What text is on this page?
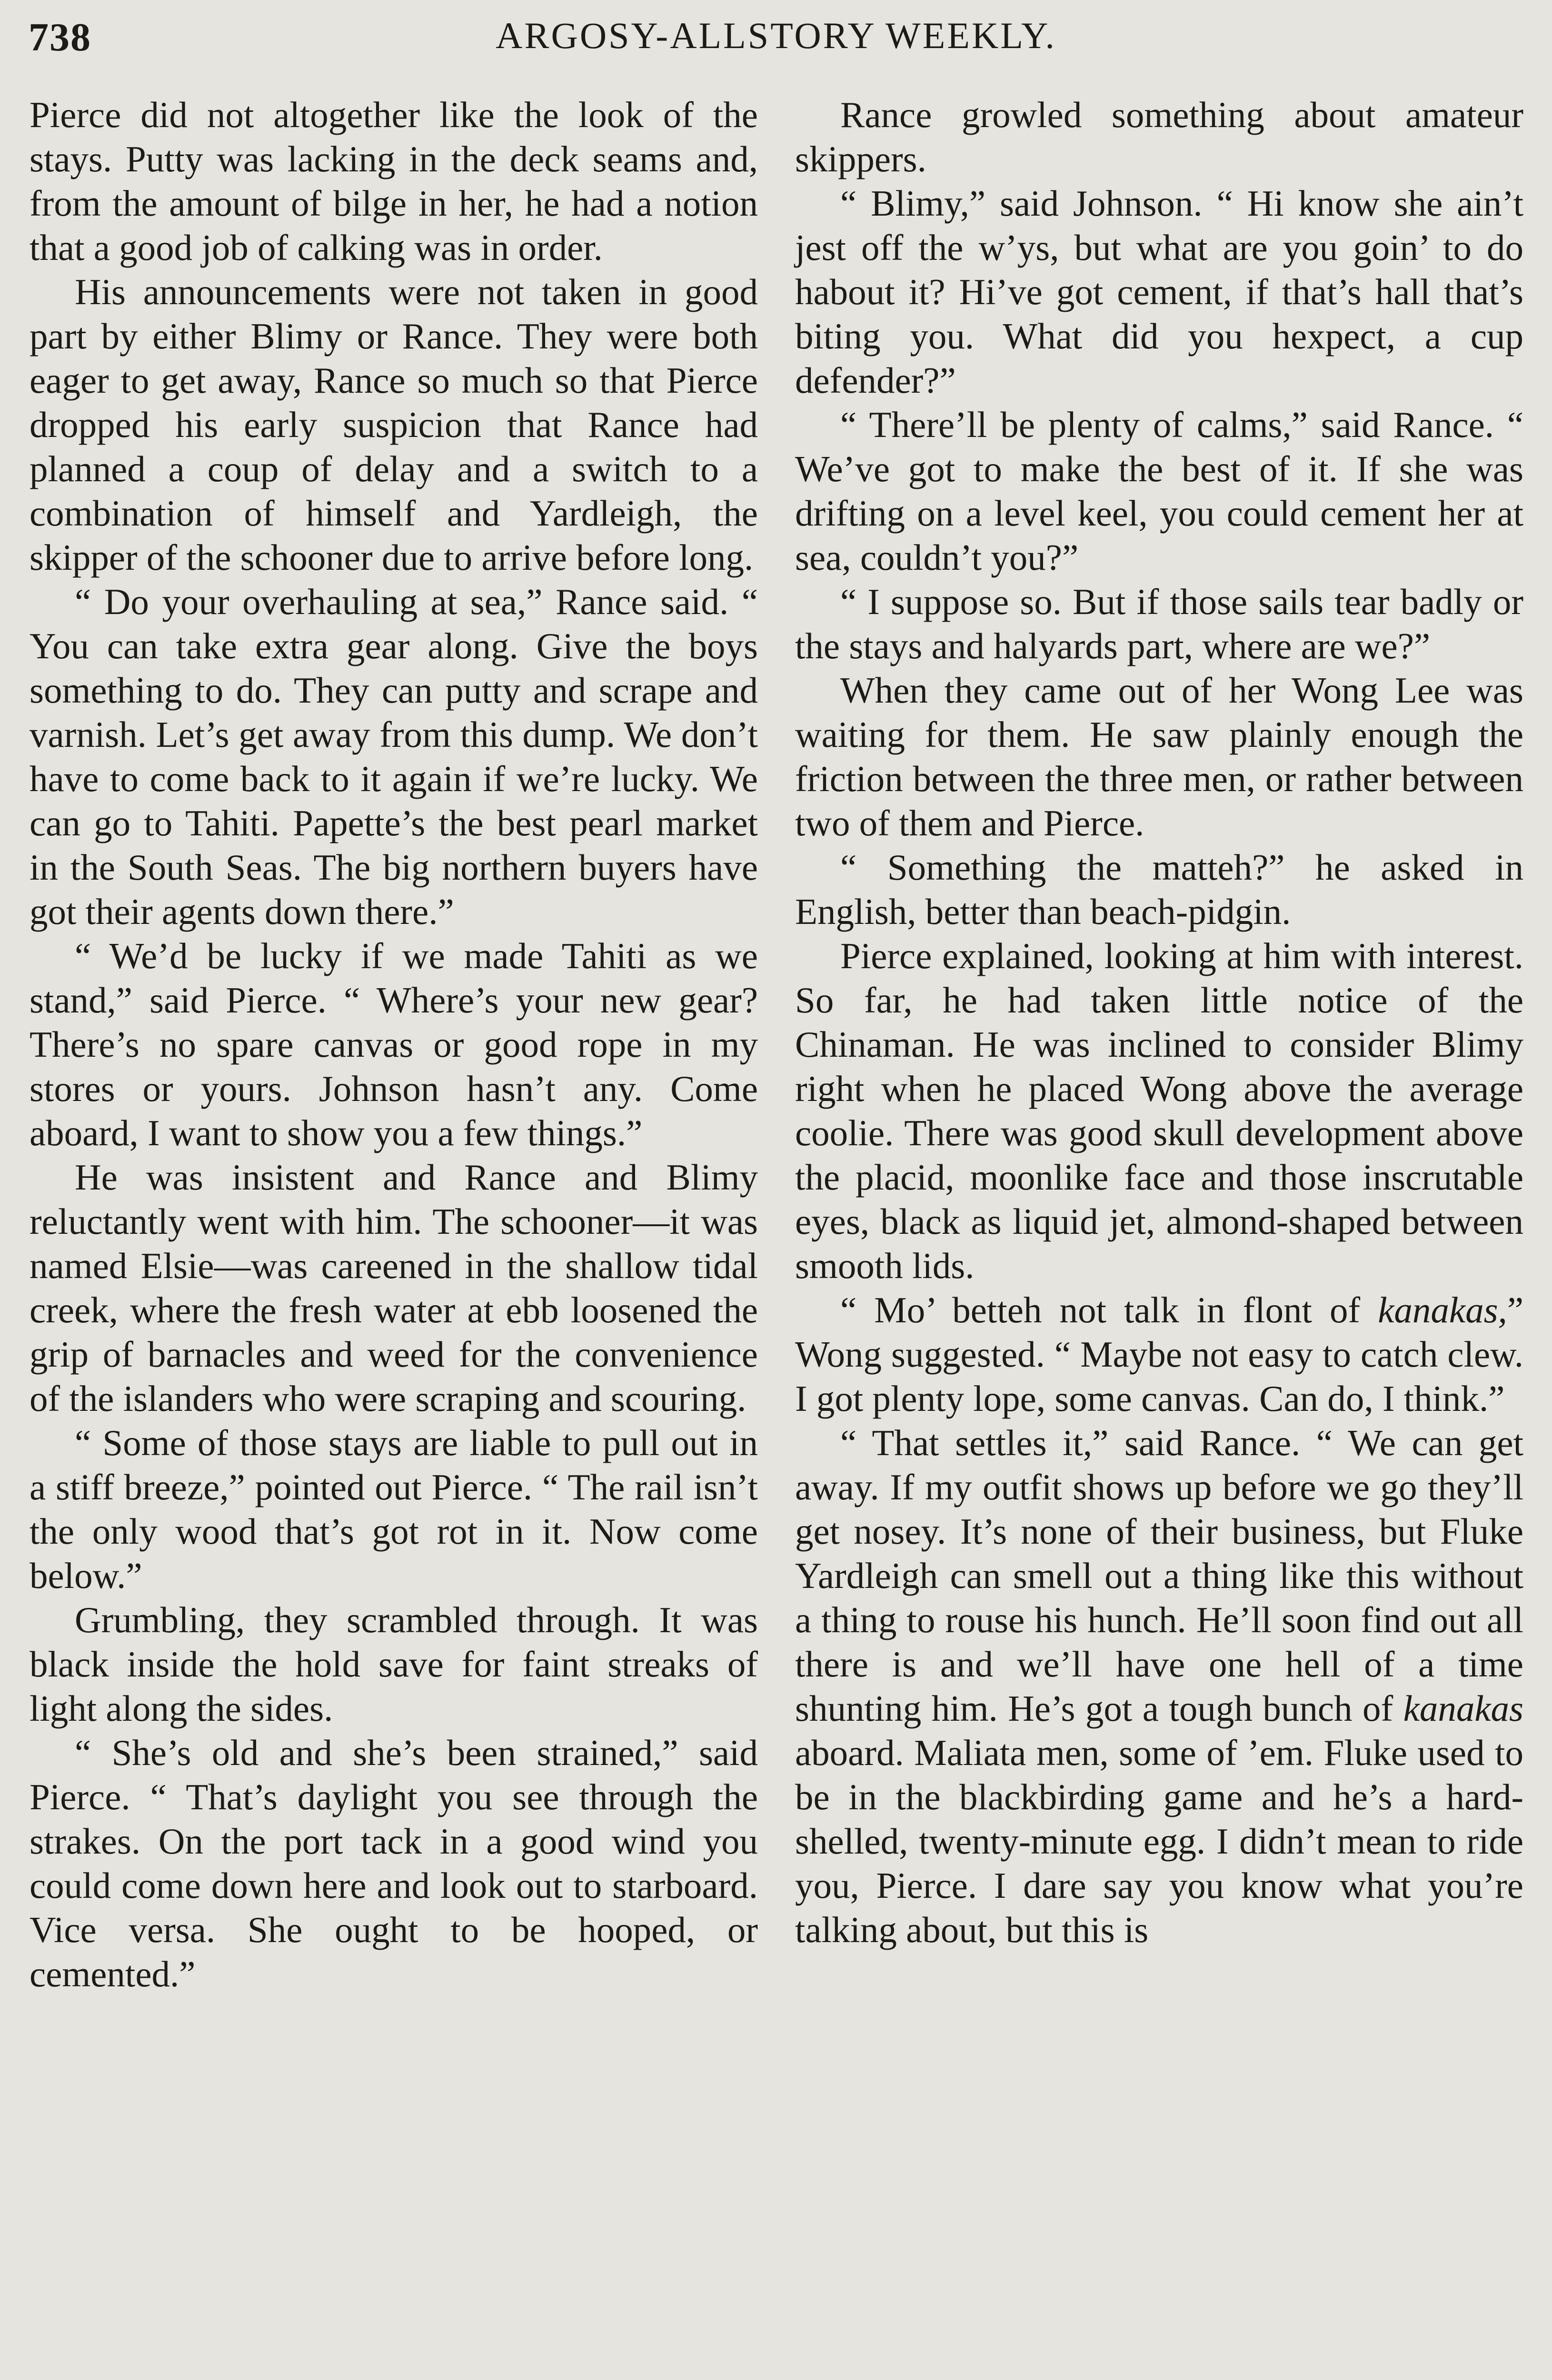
738	ARGOSY-ALLSTORY WEEKLY.

Pierce did not altogether like the look of the stays. Putty was lacking in the deck seams and, from the amount of bilge in her, he had a notion that a good job of calking was in order.

His announcements were not taken in good part by either Blimy or Rance. They were both eager to get away, Rance so much so that Pierce dropped his early suspicion that Rance had planned a coup of delay and a switch to a combination of himself and Yardleigh, the skipper of the schooner due to arrive before long.

“ Do your overhauling at sea,” Rance said. “ You can take extra gear along. Give the boys something to do. They can putty and scrape and varnish. Let’s get away from this dump. We don’t have to come back to it again if we’re lucky. We can go to Tahiti. Papette’s the best pearl market in the South Seas. The big northern buyers have got their agents down there.”

“ We’d be lucky if we made Tahiti as we stand,” said Pierce. “ Where’s your new gear? There’s no spare canvas or good rope in my stores or yours. Johnson hasn’t any. Come aboard, I want to show you a few things.”

He was insistent and Rance and Blimy reluctantly went with him. The schooner—it was named Elsie—was careened in the shallow tidal creek, where the fresh water at ebb loosened the grip of barnacles and weed for the convenience of the islanders who were scraping and scouring.

“ Some of those stays are liable to pull out in a stiff breeze,” pointed out Pierce. “ The rail isn’t the only wood that’s got rot in it. Now come below.”

Grumbling, they scrambled through. It was black inside the hold save for faint streaks of light along the sides.

“ She’s old and she’s been strained,” said Pierce. “ That’s daylight you see through the strakes. On the port tack in a good wind you could come down here and look out to starboard. Vice versa. She ought to be hooped, or cemented.”

Rance growled something about amateur skippers.

“ Blimy,” said Johnson. “ Hi know she ain’t jest off the w’ys, but what are you goin’ to do habout it? Hi’ve got cement, if that’s hall that’s biting you. What did you hexpect, a cup defender?”

“ There’ll be plenty of calms,” said Rance. “ We’ve got to make the best of it. If she was drifting on a level keel, you could cement her at sea, couldn’t you?”

“ I suppose so. But if those sails tear badly or the stays and halyards part, where are we?”

When they came out of her Wong Lee was waiting for them. He saw plainly enough the friction between the three men, or rather between two of them and Pierce.

“ Something the matteh?” he asked in English, better than beach-pidgin.

Pierce explained, looking at him with interest. So far, he had taken little notice of the Chinaman. He was inclined to consider Blimy right when he placed Wong above the average coolie. There was good skull development above the placid, moonlike face and those inscrutable eyes, black as liquid jet, almond-shaped between smooth lids.

“ Mo’ betteh not talk in flont of kanakas,” Wong suggested. “ Maybe not easy to catch clew. I got plenty lope, some canvas. Can do, I think.”

“ That settles it,” said Rance. “ We can get away. If my outfit shows up before we go they’ll get nosey. It’s none of their business, but Fluke Yardleigh can smell out a thing like this without a thing to rouse his hunch. He’ll soon find out all there is and we’ll have one hell of a time shunting him. He’s got a tough bunch of kanakas aboard. Maliata men, some of ’em. Fluke used to be in the blackbirding game and he’s a hard-shelled, twenty-minute egg. I didn’t mean to ride you, Pierce. I dare say you know what you’re talking about, but this is
